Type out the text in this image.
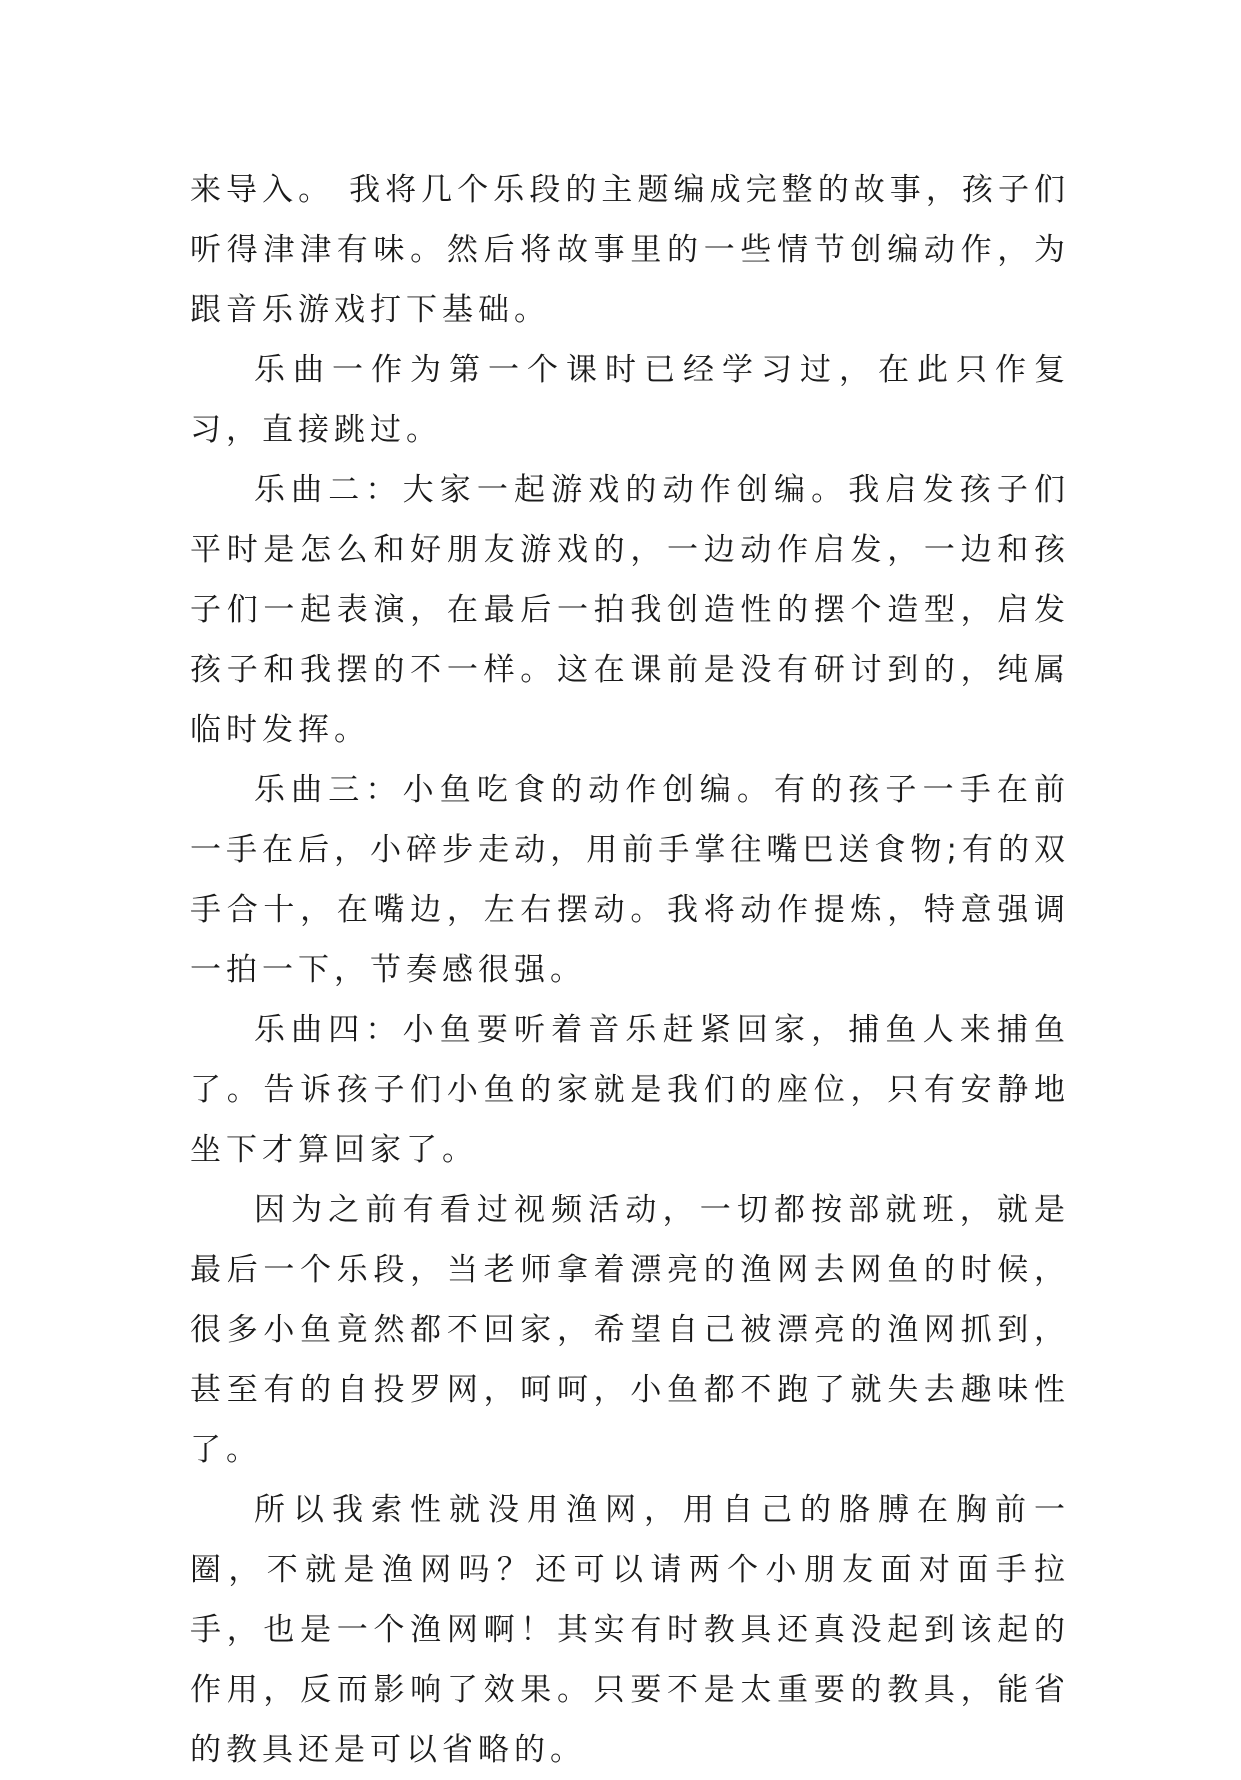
来导入。 我将几个乐段的主题编成完整的故事，孩子们听得津津有味。然后将故事里的一些情节创编动作，为跟音乐游戏打下基础。

乐曲一作为第一个课时已经学习过，在此只作复习，直接跳过。

乐曲二：大家一起游戏的动作创编。我启发孩子们平时是怎么和好朋友游戏的，一边动作启发，一边和孩子们一起表演，在最后一拍我创造性的摆个造型，启发孩子和我摆的不一样。这在课前是没有研讨到的，纯属临时发挥。

乐曲三：小鱼吃食的动作创编。有的孩子一手在前一手在后，小碎步走动，用前手掌往嘴巴送食物;有的双手合十，在嘴边，左右摆动。我将动作提炼，特意强调一拍一下，节奏感很强。

乐曲四：小鱼要听着音乐赶紧回家，捕鱼人来捕鱼了。告诉孩子们小鱼的家就是我们的座位，只有安静地坐下才算回家了。

因为之前有看过视频活动，一切都按部就班，就是最后一个乐段，当老师拿着漂亮的渔网去网鱼的时候，很多小鱼竟然都不回家，希望自己被漂亮的渔网抓到，甚至有的自投罗网，呵呵，小鱼都不跑了就失去趣味性了。

所以我索性就没用渔网，用自己的胳膊在胸前一圈，不就是渔网吗？还可以请两个小朋友面对面手拉手，也是一个渔网啊！其实有时教具还真没起到该起的作用，反而影响了效果。只要不是太重要的教具，能省的教具还是可以省略的。
